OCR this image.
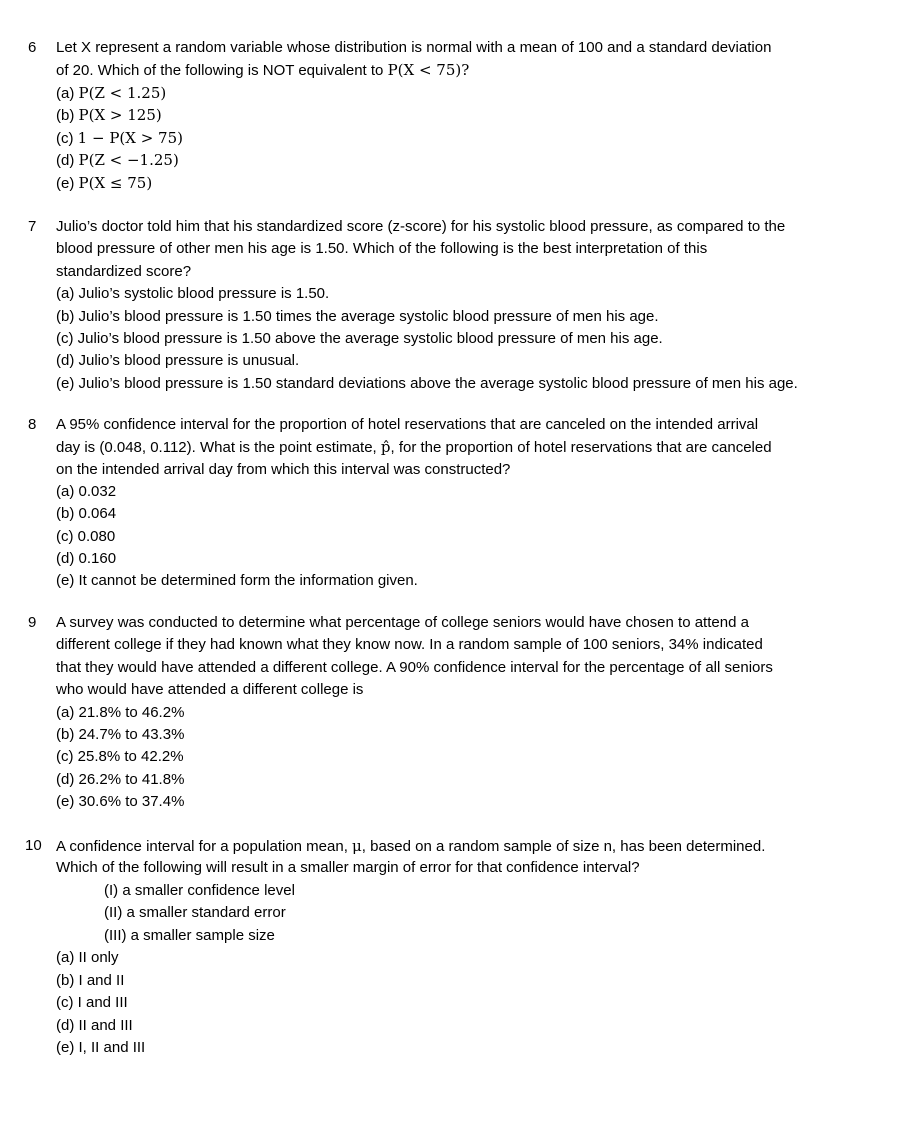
6 Let X represent a random variable whose distribution is normal with a mean of 100 and a standard deviation
of 20. Which of the following is NOT equivalent to P(X < 75)?
(a) P(Z < 1.25)
(b) P(X > 125)
(c) 1 − P(X > 75)
(d) P(Z < −1.25)
(e) P(X ≤ 75)
7 Julio’s doctor told him that his standardized score (z-score) for his systolic blood pressure, as compared to the
blood pressure of other men his age is 1.50. Which of the following is the best interpretation of this
standardized score?
(a) Julio’s systolic blood pressure is 1.50.
(b) Julio’s blood pressure is 1.50 times the average systolic blood pressure of men his age.
(c) Julio’s blood pressure is 1.50 above the average systolic blood pressure of men his age.
(d) Julio’s blood pressure is unusual.
(e) Julio’s blood pressure is 1.50 standard deviations above the average systolic blood pressure of men his age.
8 A 95% confidence interval for the proportion of hotel reservations that are canceled on the intended arrival
day is (0.048, 0.112). What is the point estimate, p̂, for the proportion of hotel reservations that are canceled
on the intended arrival day from which this interval was constructed?
(a) 0.032
(b) 0.064
(c) 0.080
(d) 0.160
(e) It cannot be determined form the information given.
9 A survey was conducted to determine what percentage of college seniors would have chosen to attend a
different college if they had known what they know now. In a random sample of 100 seniors, 34% indicated
that they would have attended a different college. A 90% confidence interval for the percentage of all seniors
who would have attended a different college is
(a) 21.8% to 46.2%
(b) 24.7% to 43.3%
(c) 25.8% to 42.2%
(d) 26.2% to 41.8%
(e) 30.6% to 37.4%
10 A confidence interval for a population mean, μ, based on a random sample of size n, has been determined.
Which of the following will result in a smaller margin of error for that confidence interval?
(I) a smaller confidence level
(II) a smaller standard error
(III) a smaller sample size
(a) II only
(b) I and II
(c) I and III
(d) II and III
(e) I, II and III
